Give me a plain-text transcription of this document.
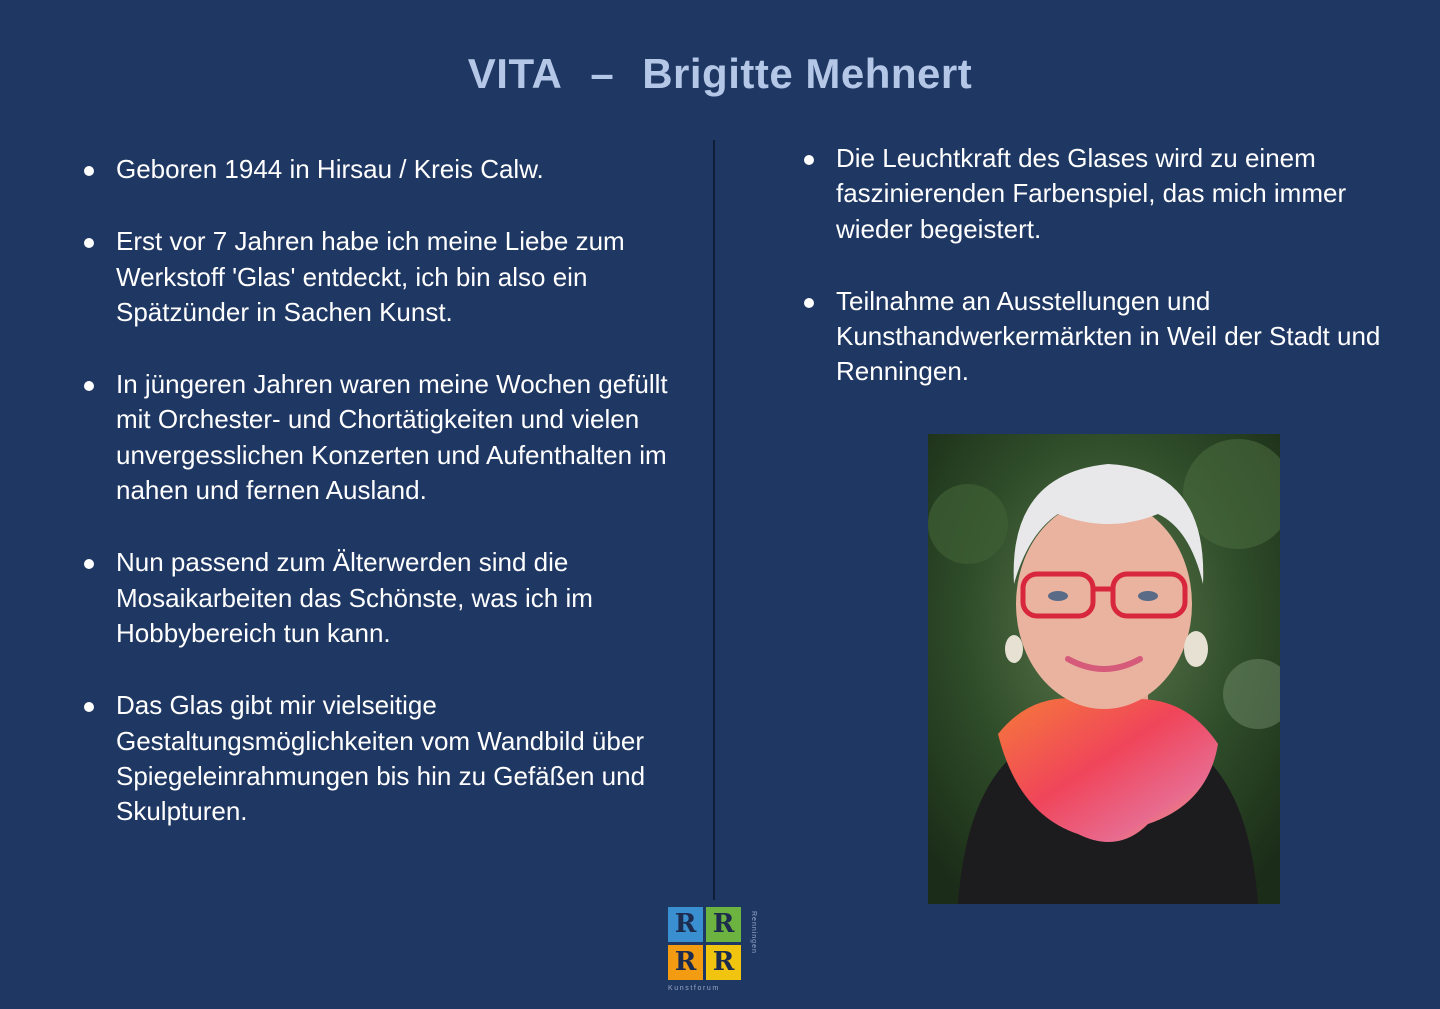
VITA – Brigitte Mehnert
Geboren 1944 in Hirsau / Kreis Calw.
Erst vor 7 Jahren habe ich meine Liebe zum Werkstoff 'Glas' entdeckt, ich bin also ein Spätzünder in Sachen Kunst.
In jüngeren Jahren waren meine Wochen gefüllt mit Orchester- und Chortätigkeiten und vielen unvergesslichen Konzerten und Aufenthalten im nahen und fernen Ausland.
Nun passend zum Älterwerden sind die Mosaikarbeiten das Schönste, was ich im Hobbybereich tun kann.
Das Glas gibt mir vielseitige Gestaltungsmöglichkeiten vom Wandbild über Spiegeleinrahmungen bis hin zu Gefäßen und Skulpturen.
Die Leuchtkraft des Glases wird zu einem faszinierenden Farbenspiel, das mich immer wieder begeistert.
Teilnahme an Ausstellungen und Kunsthandwerkermärkten in Weil der Stadt und Renningen.
R R
R R
Renningen
Kunstforum
